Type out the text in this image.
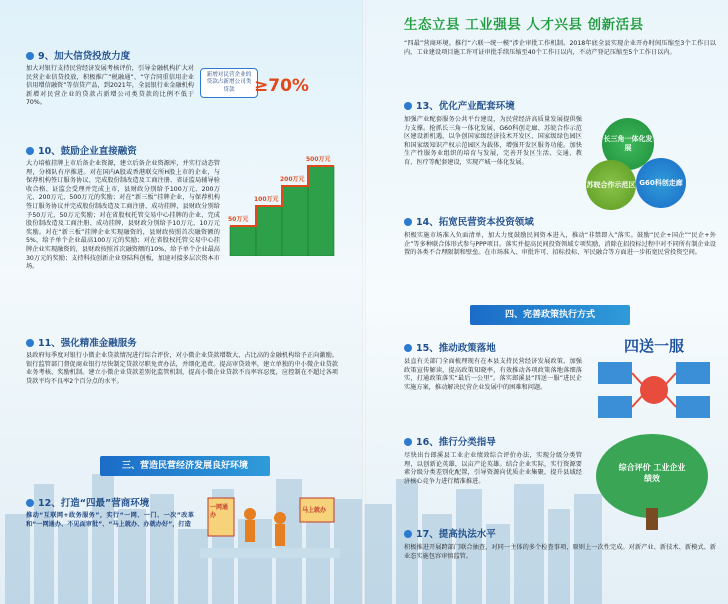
9、加大信贷投放力度
加大对银行支持民营经济发展考核评价，引导金融机构扩大对民营企业信贷投放，积极推广“税融通”、“守合同重信用企业信用增信融资”等信贷产品，到2021年，全县银行业金融机构新增对民营企业的贷款占新增公司类贷款的比例不低于70%。
新增对民营企业的贷款占新增公司类贷款	≥70%
10、鼓励企业直接融资
50万元
100万元
200万元
500万元
大力培植挂牌上市后备企业资源，建立后备企业资源库，并实行动态管理，分梯队有序推进。对在国内A股或香港联交所H股上市的企业，与保荐机构签订服务协议、完成股份制改造及工商注册、省证监局辅导验收合格、证监会受理并完成上市，县财政分别给予100万元、200万元、200万元、500万元的奖励；对在“新三板”挂牌企业，与保荐机构签订服务协议并完成股份制改造及工商注册、成功挂牌，县财政分别给予50万元、50万元奖励；对在省股权托管交易中心挂牌的企业，完成股份制改造及工商注册、成功挂牌，县财政分别给予10万元、10万元奖励。对在“新三板”挂牌企业实现融资的，县财政按照首次融资额的5%，给予单个企业最高100万元的奖励；对在省股权托管交易中心挂牌企业实现融资的，县财政按照首次融资额的10%，给予单个企业最高30万元的奖励；支持科技创新企业登陆科创板，加速对接多层次资本市场。
11、强化精准金融服务
县政府每季度对银行小微企业贷款情况进行综合评价，对小微企业贷款增数大、占比高的金融机构给予正向激励。银行监管部门督促商业银行尽快制定贷款尽职免责办法，并细化追责。提高审贷效率，建立单独的中小微企业贷款业务考核、奖励机制。建立小微企业贷款差别化监管机制，提高小微企业贷款不良率容忍度，应控制在不超过各项贷款平均不良率2个百分点的水平。
三、营造民营经济发展良好环境
12、打造“四最”营商环境
推动“互联网+政务服务”，实行“一网、一门、一次”改革和“一网通办、不见面审批”、“马上就办、办就办好”，打造
一网通办
马上就办
生态立县 工业强县 人才兴县 创新活县
“四最”营商环境。推行“六联一统一模”涉企审批工作机制。2018年底全县实现企业开办时间压缩至3个工作日以内，工业建设项目施工许可证审批手续压缩至40个工作日以内，不动产登记压缩至5个工作日以内。
13、优化产业配套环境
加强产业配套服务公共平台建设，为民营经济高质量发展提供强力支撑。抢抓长三角一体化发展、G60科创走廊、苏皖合作示范区建设新机遇，以争创国家级经济技术开发区、国家级绿色园区和国家级知识产权示范园区为载体，增强开发区服务功能。加快生产性服务业组织的培育与发展，完善开发区生活、交通、教育、医疗等配套建设，实现产城一体化发展。
长三角一体化发展
苏皖合作示范区 G60科创走廊
14、拓宽民营资本投资领域
积极实施市场准入负面清单，加大力度鼓励民间资本进入，推动“非禁即入”落实。鼓励“民企+国企”“民企+外企”等多种联合体形式参与PPP项目。落实并提高民间投资领域专项奖励，消除在招投标过程中对不同所有制企业设置的各类不合理限制和壁垒。在市场准入、审批许可、招标投标、军民融合等方面进一步拓宽民营投资空间。
四、完善政策执行方式
15、推动政策落地
县直有关部门全面梳理现有在本县支持民营经济发展政策，加强政策宣传解读，提高政策知晓率，有效推动各项政策落地落细落实，打通政策落实“最后一公里”。落实郎溪县“四送一服”进民企实施方案，推动解决民营企业发展中的困难和问题。
四送一服
16、推行分类指导
尽快出台郎溪县工业企业绩效综合评价办法，实现分级分类管理，以创新论英雄，以亩产论英雄。结合企业实际，实行资源要素分级分类差别化配置，引导资源向优质企业集聚，提升县域经济核心竞争力进行精准推进。
综合评价 工业企业绩效
17、提高执法水平
积极推进开展跨部门联合抽查，对同一主体的多个检查事项，原则上一次性完成。对新产业、新技术、新模式、新业态实施包容审慎监管。
